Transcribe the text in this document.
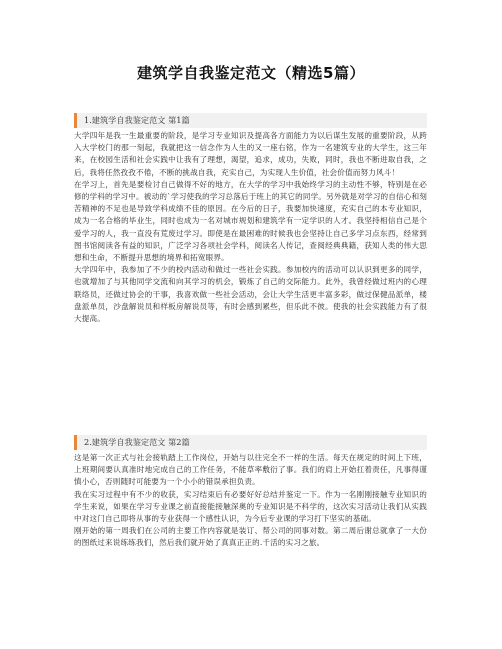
建筑学自我鉴定范文（精选5篇）
1.建筑学自我鉴定范文 第1篇

大学四年是我一生最重要的阶段，是学习专业知识及提高各方面能力为以后谋生发展的重要阶段，从跨入大学校门的那一刻起，我就把这一信念作为人生的又一座右铭，作为一名建筑专业的大学生，这三年来，在校园生活和社会实践中让我有了理想，渴望，追求，成功，失败，同时，我也不断进取自我，之后，我将任然孜孜不倦，不断的挑战自我，充实自己，为实现人生价值，社会价值而努力风斗！

在学习上，首先是要检讨自己做得不好的地方，在大学的学习中我始终学习的主动性不够，特别是在必修的学科的学习中。被动的`学习使我的学习总落后于班上的其它的同学。另外就是对学习的自信心和刻苦精神的不足也是导致学科成绩不佳的原因。在今后的日子，我要加快速度，充实自己的本专业知识，成为一名合格的毕业生，同时也成为一名对城市规划和建筑学有一定学识的人才。我坚持相信自己是个爱学习的人，我一直没有荒废过学习。即使是在最困难的时候我也会坚持让自己多学习点东西，经常到图书馆阅读各有益的知识，广泛学习各项社会学科，阅读名人传记，查阅经典典籍，获知人类的伟大思想和生命，不断提升思想的境界和拓宽眼界。

大学四年中，我参加了不少的校内活动和做过一些社会实践。参加校内的活动可以认识到更多的同学，也就增加了与其他同学交流和向其学习的机会，锻炼了自己的交际能力。此外，我曾经做过班内的心理联络员，还做过协会的干事，我喜欢做一些社会活动，会让大学生活更丰富多彩，做过保健品派单，楼盘派单员，沙盘解说员和样板房解说员等，有时会感到累些，但乐此不彼。使我的社会实践能力有了很大提高。

2.建筑学自我鉴定范文 第2篇

这是第一次正式与社会接轨踏上工作岗位，开始与以往完全不一样的生活。每天在规定的时间上下班，上班期间要认真准时地完成自己的工作任务，不能草率敷衍了事。我们的肩上开始扛着责任，凡事得谨慎小心，否则随时可能要为一个小小的错误承担负责。

我在实习过程中有不少的收获，实习结束后有必要好好总结并鉴定一下。作为一名刚刚接触专业知识的学生来说，如果在学习专业课之前直接能接触深奥的专业知识是不科学的，这次实习活动让我们从实践中对这门自己即将从事的专业获得一个感性认识，为今后专业课的学习打下坚实的基础。

刚开始的第一周我们在公司的主要工作内容就是装订、帮公司的同事对数。第二周后谢总就拿了一大份的图纸过来说练练我们，然后我们就开始了真真正正的.千活的实习之旅。
